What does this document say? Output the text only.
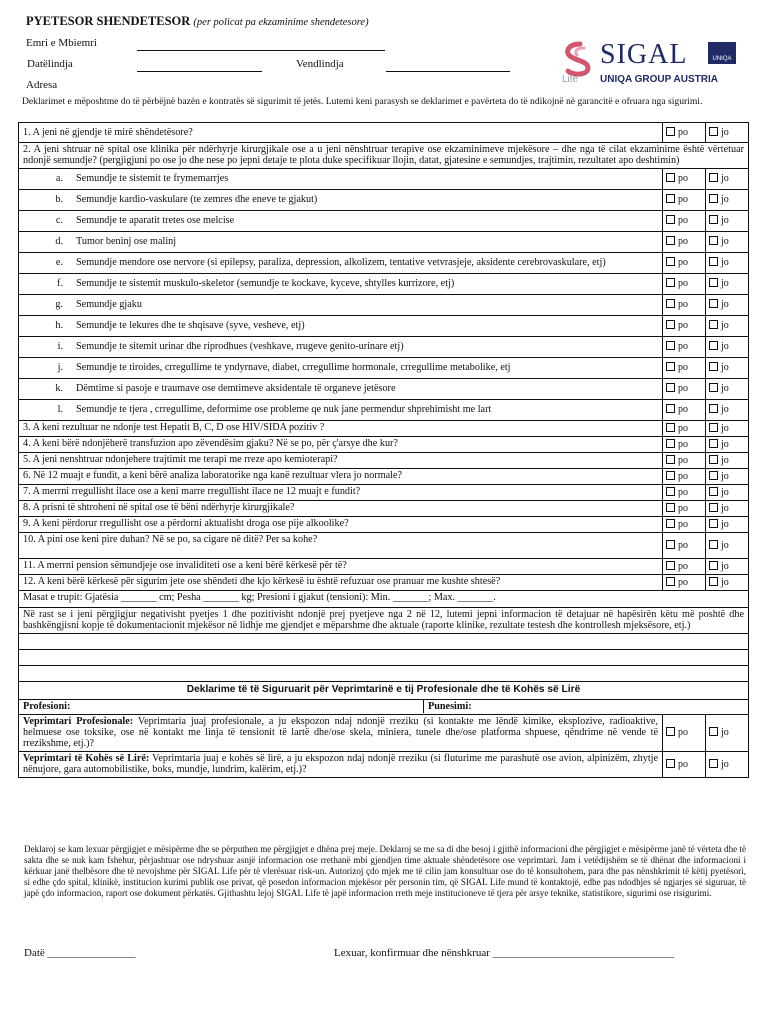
PYETESOR SHENDETESOR (per policat pa ekzaminime shendetesore)
Emri e Mbiemri
Datëlindja	Vendlindja
Adresa
SIGAL	UNIQA
Life UNIQA GROUP AUSTRIA
Deklarimet e mëposhtme do të përbëjnë bazën e kontratës së sigurimit të jetës. Lutemi keni parasysh se deklarimet e pavërteta do të ndikojnë në garancitë e ofruara nga sigurimi.
1. A jeni në gjendje të mirë shëndetësore?	po	jo
2. A jeni shtruar në spital ose klinika për ndërhyrje kirurgjikale ose a u jeni nënshtruar terapive ose ekzaminimeve mjekësore – dhe nga të cilat ekzaminime është vërtetuar ndonjë semundje? (pergjigjuni po ose jo dhe nese po jepni detaje te plota duke specifikuar llojin, datat, gjatesine e semundjes, trajtimin, rezultatet apo deshtimin)		

a. Semundje te sistemit te frymemarrjes	po	jo

b. Semundje kardio-vaskulare (te zemres dhe eneve te gjakut)	po	jo

c. Semundje te aparatit tretes ose melcise	po	jo

d. Tumor beninj ose malinj	po	jo

e. Semundje mendore ose nervore (si epilepsy, paraliza, depression, alkolizem, tentative vetvrasjeje, aksidente cerebrovaskulare, etj)	po	jo

f. Semundje te sistemit muskulo-skeletor (semundje te kockave, kyceve, shtylles kurrizore, etj)	po	jo

g. Semundje gjaku	po	jo

h. Semundje te lekures dhe te shqisave (syve, vesheve, etj)	po	jo

i. Semundje te sitemit urinar dhe riprodhues (veshkave, rrugeve genito-urinare etj)	po	jo

j. Semundje te tiroides, crregullime te yndyrnave, diabet, crregullime hormonale, crregullime metabolike, etj	po	jo

k. Dëmtime si pasoje e traumave ose demtimeve aksidentale të organeve jetësore	po	jo

l. Semundje te tjera , crregullime, deformime ose probleme qe nuk jane permendur shprehimisht me lart	po	jo
3. A keni rezultuar ne ndonje test Hepatit B, C, D ose HIV/SIDA pozitiv ?	po	jo
4. A keni bërë ndonjëherë transfuzion apo zëvendësim gjaku? Në se po, për ç'arsye dhe kur?	po	jo
5. A jeni nenshtruar ndonjehere trajtimit me terapi me rreze apo kemioterapi?	po	jo
6. Në 12 muajt e fundit, a keni bërë analiza laboratorike nga kanë rezultuar vlera jo normale?	po	jo
7. A merrni rregullisht ilace ose a keni marre rregullisht ilace ne 12 muajt e fundit?	po	jo
8. A prisni të shtroheni në spital ose të bëni ndërhyrje kirurgjikale?	po	jo
9. A keni përdorur rregullisht ose a përdorni aktualisht droga ose pije alkoolike?	po	jo
10. A pini ose keni pire duhan? Në se po, sa cigare në ditë? Per sa kohe?	po	jo
11. A merrni pension sëmundjeje ose invaliditeti ose a keni bërë kërkesë për të?	po	jo
12. A keni bërë kërkesë për sigurim jete ose shëndeti dhe kjo kërkesë iu është refuzuar ose pranuar me kushte shtesë?	po	jo
Masat e trupit: Gjatësia _______ cm; Pesha _______ kg; Presioni i gjakut (tensioni): Min. _______; Max. _______.		
Në rast se i jeni përgjigjur negativisht pyetjes 1 dhe pozitivisht ndonjë prej pyetjeve nga 2 në 12, lutemi jepni informacion të detajuar në hapësirën këtu më poshtë dhe bashkëngjisni kopje të dokumentacionit mjekësor në lidhje me gjendjet e mëparshme dhe aktuale (raporte klinike, rezultate testesh dhe kontrollesh mjeksësore, etj.)		

Deklarime të të Siguruarit për Veprimtarinë e tij Profesionale dhe të Kohës së Lirë		

Profesioni: Punesimi:		

Veprimtari Profesionale: Veprimtaria juaj profesionale, a ju ekspozon ndaj ndonjë rreziku (si kontakte me lëndë kimike, eksplozive, radioaktive, helmuese ose toksike, ose në kontakt me linja të tensionit të lartë dhe/ose skela, miniera, tunele dhe/ose platforma shpuese, qëndrime në vende të rrezikshme, etj.)?	po	jo
Veprimtari të Kohës së Lirë: Veprimtaria juaj e kohës së lirë, a ju ekspozon ndaj ndonjë rreziku (si fluturime me parashutë ose avion, alpinizëm, zhytje nënujore, gara automobilistike, boks, mundje, lundrim, kalërim, etj.)?	po	jo
Deklaroj se kam lexuar përgjigjet e mësipërme dhe se përputhen me përgjigjet e dhëna prej meje. Deklaroj se me sa di dhe besoj i gjithë informacioni dhe përgjigjet e mësipërme janë të vërteta dhe të sakta dhe se nuk kam fshehur, përjashtuar ose ndryshuar asnjë informacion ose rrethanë mbi gjendjen time aktuale shëndetësore ose veprimtari. Jam i vetëdijshëm se të dhënat dhe informacioni i kërkuar janë thelbësore dhe të nevojshme për SIGAL Life për të vlerësuar risk-un. Autorizoj çdo mjek me të cilin jam konsultuar ose do të konsultohem, para dhe pas nënshkrimit të këtij pyetësori, si edhe çdo spital, klinikë, institucion kurimi publik ose privat, që posedon informacion mjekësor për personin tim, që SIGAL Life mund të kontaktojë, edhe pas ndodhjes së ngjarjes së siguruar, të japë çdo informacion, raport ose dokument përkatës. Gjithashtu lejoj SIGAL Life të japë informacion rreth meje institucioneve të tjera për arsye teknike, statistikore, sigurimi ose risigurimi.
Datë ________________	Lexuar, konfirmuar dhe nënshkruar _________________________________
